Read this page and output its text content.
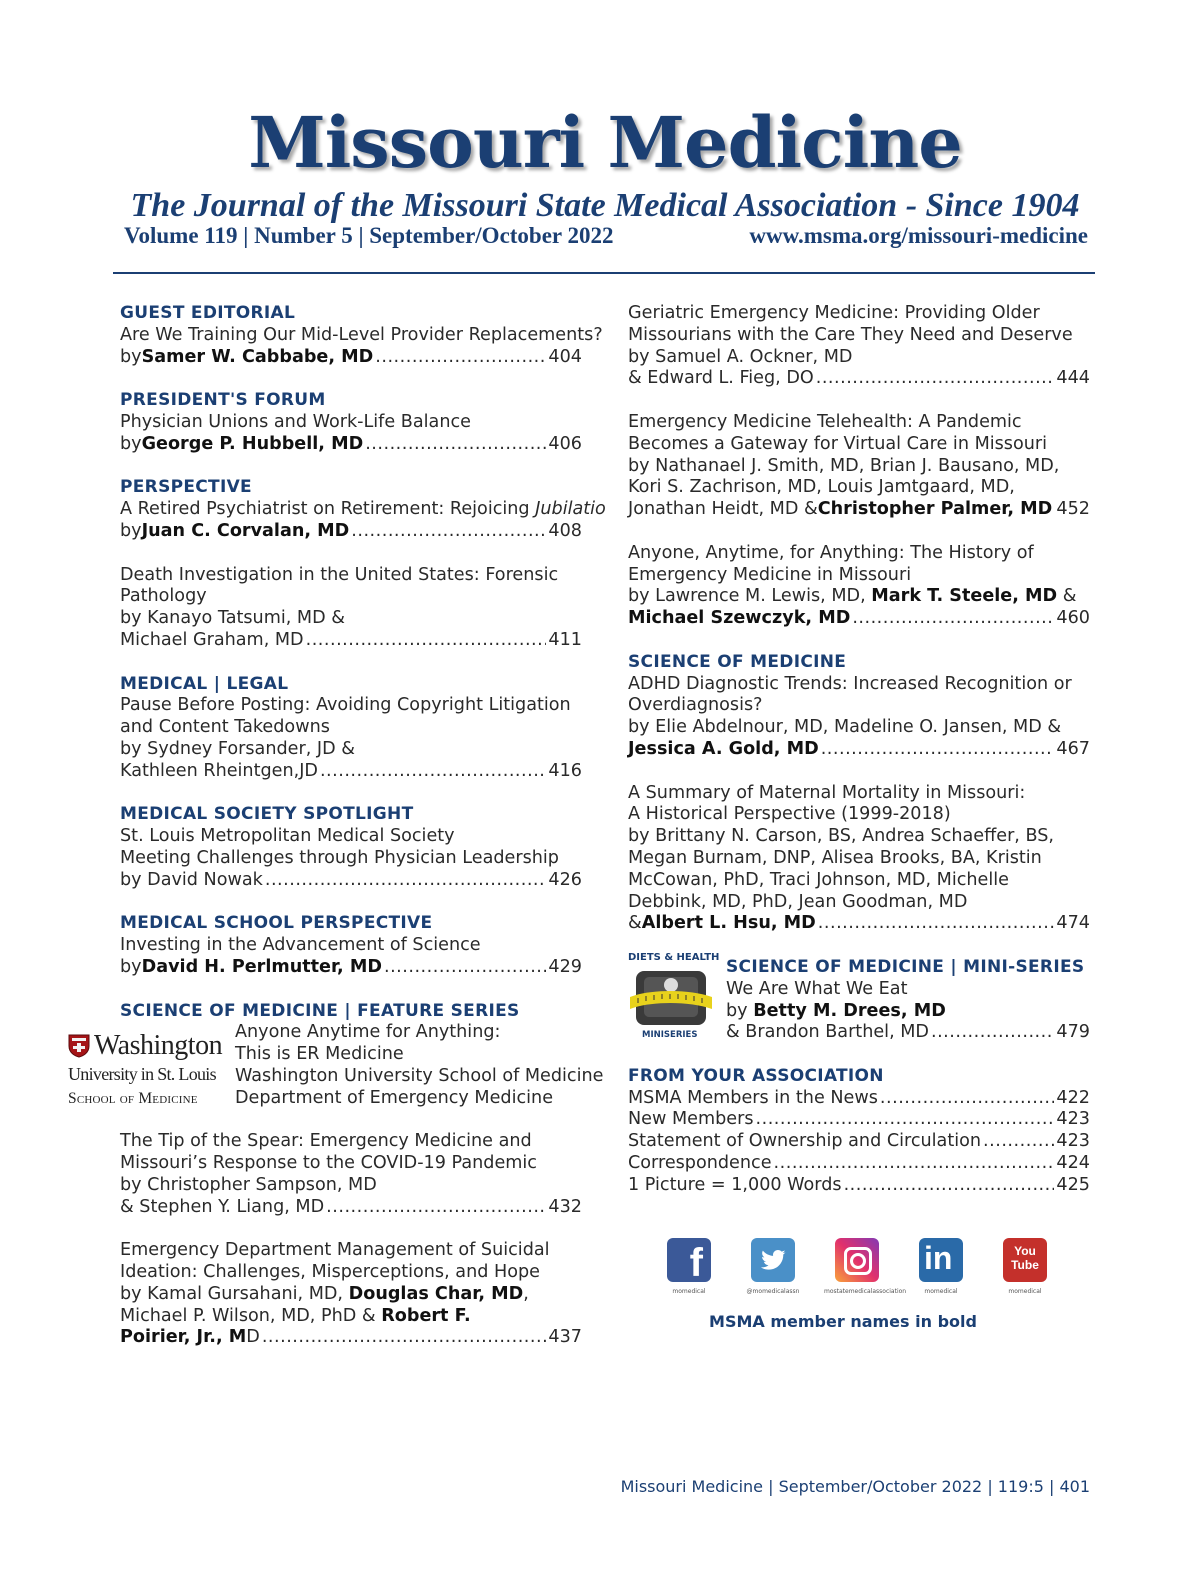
Missouri Medicine
The Journal of the Missouri State Medical Association - Since 1904
Volume 119 | Number 5 | September/October 2022	www.msma.org/missouri-medicine
GUEST EDITORIAL
Are We Training Our Mid-Level Provider Replacements?
by Samer W. Cabbabe, MD .....	404
PRESIDENT'S FORUM
Physician Unions and Work-Life Balance
by George P. Hubbell, MD .....	406
PERSPECTIVE
A Retired Psychiatrist on Retirement: Rejoicing Jubilatio
by Juan C. Corvalan, MD .....	408
Death Investigation in the United States: Forensic
Pathology
by Kanayo Tatsumi, MD &
Michael Graham, MD .....	411
MEDICAL | LEGAL
Pause Before Posting: Avoiding Copyright Litigation
and Content Takedowns
by Sydney Forsander, JD &
Kathleen Rheintgen,JD .....	416
MEDICAL SOCIETY SPOTLIGHT
St. Louis Metropolitan Medical Society
Meeting Challenges through Physician Leadership
by David Nowak .....	426
MEDICAL SCHOOL PERSPECTIVE
Investing in the Advancement of Science
by David H. Perlmutter, MD .....	429
SCIENCE OF MEDICINE | FEATURE SERIES
Anyone Anytime for Anything:
This is ER Medicine
Washington University School of Medicine
Department of Emergency Medicine
The Tip of the Spear: Emergency Medicine and
Missouri’s Response to the COVID-19 Pandemic
by Christopher Sampson, MD
& Stephen Y. Liang, MD .....	432
Emergency Department Management of Suicidal
Ideation: Challenges, Misperceptions, and Hope
by Kamal Gursahani, MD, Douglas Char, MD,
Michael P. Wilson, MD, PhD & Robert F.
Poirier, Jr., M D .....	437
Washington
University in St. Louis
School of Medicine
Geriatric Emergency Medicine: Providing Older
Missourians with the Care They Need and Deserve
by Samuel A. Ockner, MD
& Edward L. Fieg, DO .....	444
Emergency Medicine Telehealth: A Pandemic
Becomes a Gateway for Virtual Care in Missouri
by Nathanael J. Smith, MD, Brian J. Bausano, MD,
Kori S. Zachrison, MD, Louis Jamtgaard, MD,
Jonathan Heidt, MD & Christopher Palmer, MD ..... 452
Anyone, Anytime, for Anything: The History of
Emergency Medicine in Missouri
by Lawrence M. Lewis, MD, Mark T. Steele, MD &
Michael Szewczyk, MD .....	460
SCIENCE OF MEDICINE
ADHD Diagnostic Trends: Increased Recognition or
Overdiagnosis?
by Elie Abdelnour, MD, Madeline O. Jansen, MD &
Jessica A. Gold, MD .....	467
A Summary of Maternal Mortality in Missouri:
A Historical Perspective (1999-2018)
by Brittany N. Carson, BS, Andrea Schaeffer, BS,
Megan Burnam, DNP, Alisea Brooks, BA, Kristin
McCowan, PhD, Traci Johnson, MD, Michelle
Debbink, MD, PhD, Jean Goodman, MD
& Albert L. Hsu, MD .....	474
SCIENCE OF MEDICINE | MINI-SERIES
We Are What We Eat
by Betty M. Drees, MD
& Brandon Barthel, MD .....	479
FROM YOUR ASSOCIATION
MSMA Members in the News .....	422
New Members .....	423
Statement of Ownership and Circulation .....	423
Correspondence .....	424
1 Picture = 1,000 Words .....	425
DIETS & HEALTH
MINISERIES
f
momedical	@momedicalassn	mostatemedicalassociation
in
momedical
You Tube
momedical
MSMA member names in bold
Missouri Medicine | September/October 2022 | 119:5 | 401
